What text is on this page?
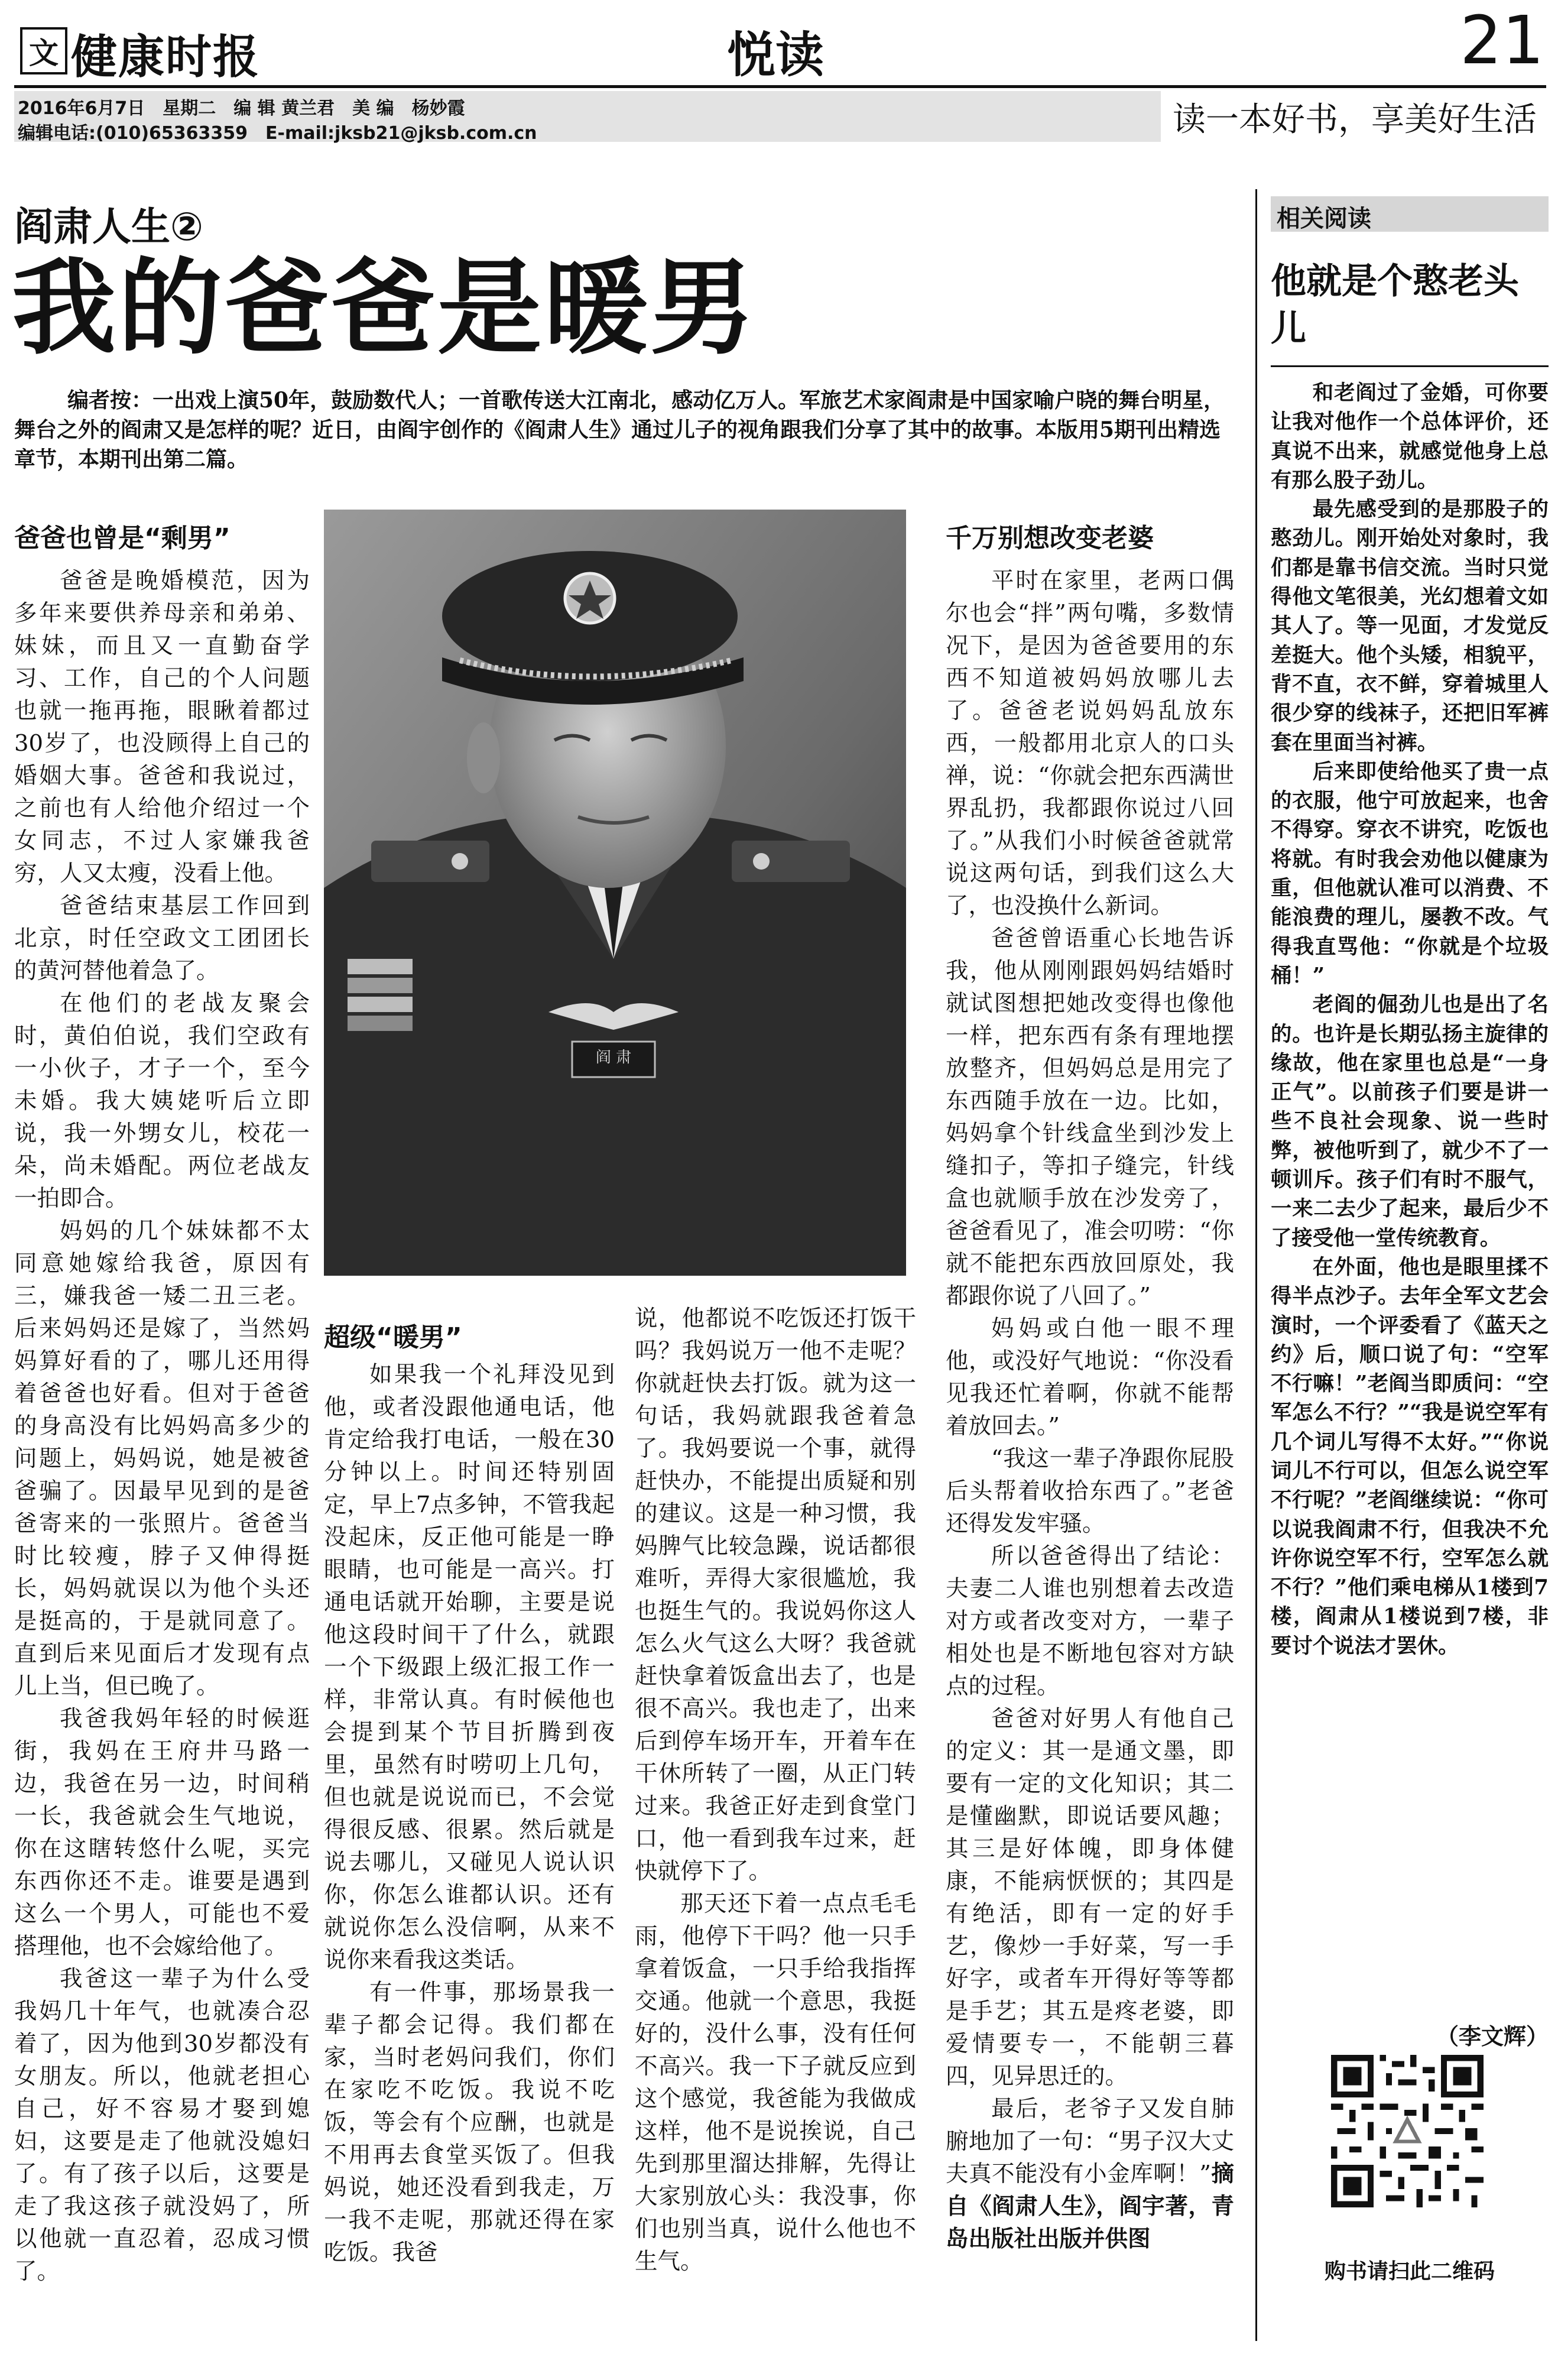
文 健康时报	悦读	21
2016年6月7日　星期二　编 辑 黄兰君　美 编　杨妙霞
编辑电话:(010)65363359　E-mail:jksb21@jksb.com.cn	读一本好书，享美好生活
阎肃人生②
我的爸爸是暖男
编者按：一出戏上演50年，鼓励数代人；一首歌传送大江南北，感动亿万人。军旅艺术家阎肃是中国家喻户晓的舞台明星，舞台之外的阎肃又是怎样的呢？近日，由阎宇创作的《阎肃人生》通过儿子的视角跟我们分享了其中的故事。本版用5期刊出精选章节，本期刊出第二篇。
阎 肃
爸爸也曾是“剩男”

爸爸是晚婚模范，因为多年来要供养母亲和弟弟、妹妹，而且又一直勤奋学习、工作，自己的个人问题也就一拖再拖，眼瞅着都过30岁了，也没顾得上自己的婚姻大事。爸爸和我说过，之前也有人给他介绍过一个女同志，不过人家嫌我爸穷，人又太瘦，没看上他。

爸爸结束基层工作回到北京，时任空政文工团团长的黄河替他着急了。

在他们的老战友聚会时，黄伯伯说，我们空政有一小伙子，才子一个，至今未婚。我大姨姥听后立即说，我一外甥女儿，校花一朵，尚未婚配。两位老战友一拍即合。

妈妈的几个妹妹都不太同意她嫁给我爸，原因有三，嫌我爸一矮二丑三老。后来妈妈还是嫁了，当然妈妈算好看的了，哪儿还用得着爸爸也好看。但对于爸爸的身高没有比妈妈高多少的问题上，妈妈说，她是被爸爸骗了。因最早见到的是爸爸寄来的一张照片。爸爸当时比较瘦，脖子又伸得挺长，妈妈就误以为他个头还是挺高的，于是就同意了。直到后来见面后才发现有点儿上当，但已晚了。

我爸我妈年轻的时候逛街，我妈在王府井马路一边，我爸在另一边，时间稍一长，我爸就会生气地说，你在这瞎转悠什么呢，买完东西你还不走。谁要是遇到这么一个男人，可能也不爱搭理他，也不会嫁给他了。

我爸这一辈子为什么受我妈几十年气，也就凑合忍着了，因为他到30岁都没有女朋友。所以，他就老担心自己，好不容易才娶到媳妇，这要是走了他就没媳妇了。有了孩子以后，这要是走了我这孩子就没妈了，所以他就一直忍着，忍成习惯了。

超级“暖男”

如果我一个礼拜没见到他，或者没跟他通电话，他肯定给我打电话，一般在30分钟以上。时间还特别固定，早上7点多钟，不管我起没起床，反正他可能是一睁眼睛，也可能是一高兴。打通电话就开始聊，主要是说他这段时间干了什么，就跟一个下级跟上级汇报工作一样，非常认真。有时候他也会提到某个节目折腾到夜里，虽然有时唠叨上几句，但也就是说说而已，不会觉得很反感、很累。然后就是说去哪儿，又碰见人说认识你，你怎么谁都认识。还有就说你怎么没信啊，从来不说你来看我这类话。

有一件事，那场景我一辈子都会记得。我们都在家，当时老妈问我们，你们在家吃不吃饭。我说不吃饭，等会有个应酬，也就是不用再去食堂买饭了。但我妈说，她还没看到我走，万一我不走呢，那就还得在家吃饭。我爸

说，他都说不吃饭还打饭干吗？我妈说万一他不走呢？你就赶快去打饭。就为这一句话，我妈就跟我爸着急了。我妈要说一个事，就得赶快办，不能提出质疑和别的建议。这是一种习惯，我妈脾气比较急躁，说话都很难听，弄得大家很尴尬，我也挺生气的。我说妈你这人怎么火气这么大呀？我爸就赶快拿着饭盒出去了，也是很不高兴。我也走了，出来后到停车场开车，开着车在干休所转了一圈，从正门转过来。我爸正好走到食堂门口，他一看到我车过来，赶快就停下了。

那天还下着一点点毛毛雨，他停下干吗？他一只手拿着饭盒，一只手给我指挥交通。他就一个意思，我挺好的，没什么事，没有任何不高兴。我一下子就反应到这个感觉，我爸能为我做成这样，他不是说挨说，自己先到那里溜达排解，先得让大家别放心头：我没事，你们也别当真，说什么他也不生气。

千万别想改变老婆

平时在家里，老两口偶尔也会“拌”两句嘴，多数情况下，是因为爸爸要用的东西不知道被妈妈放哪儿去了。爸爸老说妈妈乱放东西，一般都用北京人的口头禅，说：“你就会把东西满世界乱扔，我都跟你说过八回了。”从我们小时候爸爸就常说这两句话，到我们这么大了，也没换什么新词。

爸爸曾语重心长地告诉我，他从刚刚跟妈妈结婚时就试图想把她改变得也像他一样，把东西有条有理地摆放整齐，但妈妈总是用完了东西随手放在一边。比如，妈妈拿个针线盒坐到沙发上缝扣子，等扣子缝完，针线盒也就顺手放在沙发旁了，爸爸看见了，准会叨唠：“你就不能把东西放回原处，我都跟你说了八回了。”

妈妈或白他一眼不理他，或没好气地说：“你没看见我还忙着啊，你就不能帮着放回去。”

“我这一辈子净跟你屁股后头帮着收拾东西了。”老爸还得发发牢骚。

所以爸爸得出了结论：夫妻二人谁也别想着去改造对方或者改变对方，一辈子相处也是不断地包容对方缺点的过程。

爸爸对好男人有他自己的定义：其一是通文墨，即要有一定的文化知识；其二是懂幽默，即说话要风趣；其三是好体魄，即身体健康，不能病恹恹的；其四是有绝活，即有一定的好手艺，像炒一手好菜，写一手好字，或者车开得好等等都是手艺；其五是疼老婆，即爱情要专一，不能朝三暮四，见异思迁的。

最后，老爷子又发自肺腑地加了一句：“男子汉大丈夫真不能没有小金库啊！”摘自《阎肃人生》，阎宇著，青岛出版社出版并供图

相关阅读
他就是个憨老头儿

和老阎过了金婚，可你要让我对他作一个总体评价，还真说不出来，就感觉他身上总有那么股子劲儿。

最先感受到的是那股子的憨劲儿。刚开始处对象时，我们都是靠书信交流。当时只觉得他文笔很美，光幻想着文如其人了。等一见面，才发觉反差挺大。他个头矮，相貌平，背不直，衣不鲜，穿着城里人很少穿的线袜子，还把旧军裤套在里面当衬裤。

后来即使给他买了贵一点的衣服，他宁可放起来，也舍不得穿。穿衣不讲究，吃饭也将就。有时我会劝他以健康为重，但他就认准可以消费、不能浪费的理儿，屡教不改。气得我直骂他：“你就是个垃圾桶！”

老阎的倔劲儿也是出了名的。也许是长期弘扬主旋律的缘故，他在家里也总是“一身正气”。以前孩子们要是讲一些不良社会现象、说一些时弊，被他听到了，就少不了一顿训斥。孩子们有时不服气，一来二去少了起来，最后少不了接受他一堂传统教育。

在外面，他也是眼里揉不得半点沙子。去年全军文艺会演时，一个评委看了《蓝天之约》后，顺口说了句：“空军不行嘛！”老阎当即质问：“空军怎么不行？”“我是说空军有几个词儿写得不太好。”“你说词儿不行可以，但怎么说空军不行呢？”老阎继续说：“你可以说我阎肃不行，但我决不允许你说空军不行，空军怎么就不行？”他们乘电梯从1楼到7楼，阎肃从1楼说到7楼，非要讨个说法才罢休。

（李文辉）
购书请扫此二维码
